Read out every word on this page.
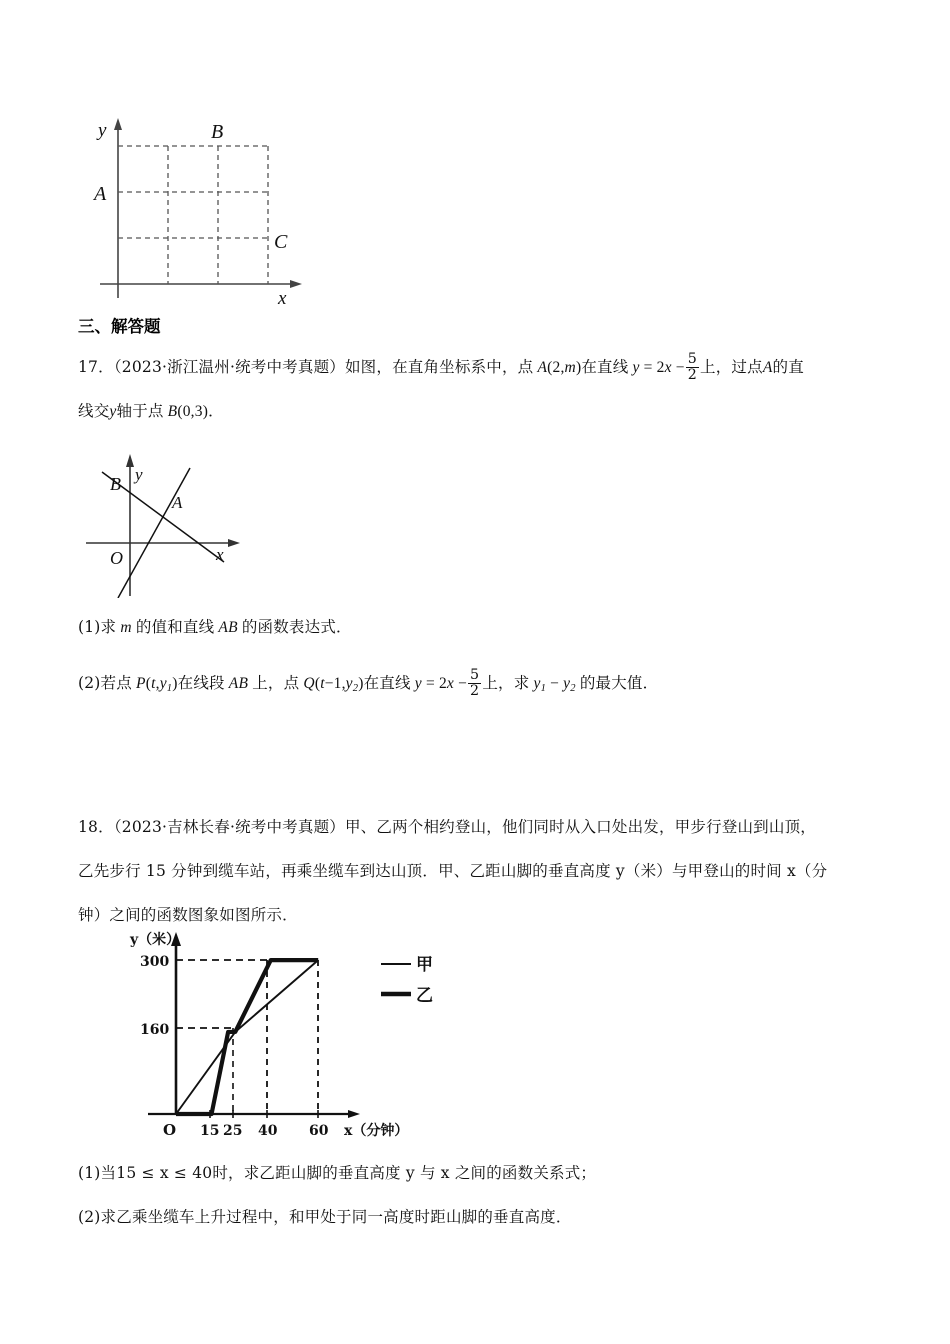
y
x
A
B
C
三、解答题
17．（2023·浙江温州·统考中考真题）如图，在直角坐标系中，点 A(2,m)在直线 $y = 2x - \frac{5}{2}$ 上，过点A的直
线交y轴于点 B(0,3)．
B
A
O
y
x
(1)求 m 的值和直线 AB 的函数表达式．
(2)若点 $P(t,y_1)$在线段 AB 上，点 $Q(t-1,y_2)$在直线 $y = 2x - \frac{5}{2}$ 上，求 $y_1 - y_2$ 的最大值．
18．（2023·吉林长春·统考中考真题）甲、乙两个相约登山，他们同时从入口处出发，甲步行登山到山顶，
乙先步行 15 分钟到缆车站，再乘坐缆车到达山顶．甲、乙距山脚的垂直高度 y（米）与甲登山的时间 x（分
钟）之间的函数图象如图所示．
300
160
O 15 25 40 60
y（米）
x（分钟）
甲
乙
(1)当15 ≤ x ≤ 40时，求乙距山脚的垂直高度 y 与 x 之间的函数关系式；
(2)求乙乘坐缆车上升过程中，和甲处于同一高度时距山脚的垂直高度．
